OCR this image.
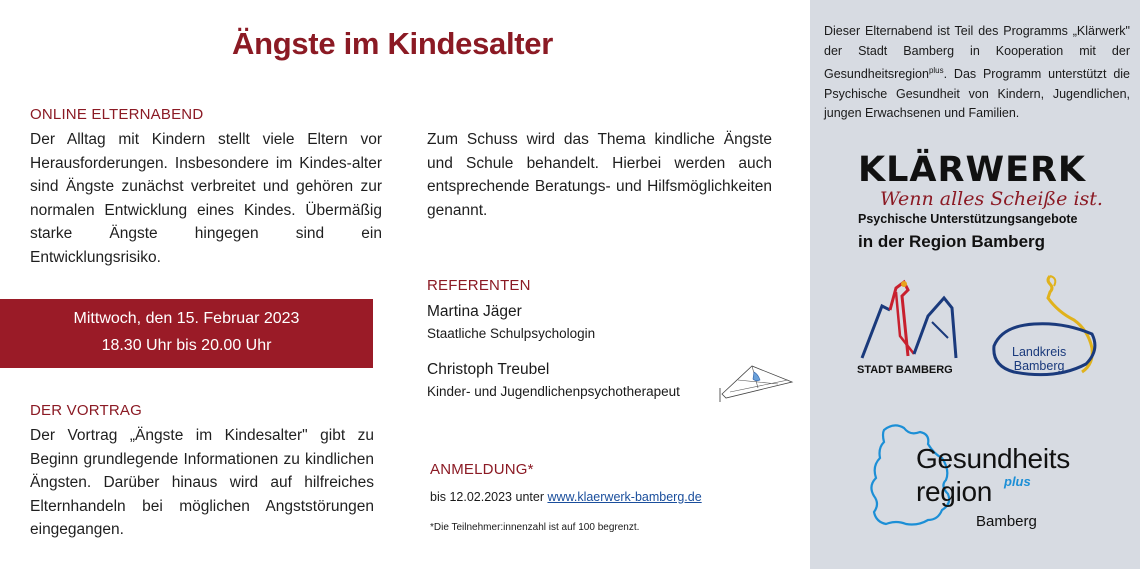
Ängste im Kindesalter
ONLINE ELTERNABEND
Der Alltag mit Kindern stellt viele Eltern vor Herausforderungen. Insbesondere im Kindes-alter sind Ängste zunächst verbreitet und gehören zur normalen Entwicklung eines Kindes. Übermäßig starke Ängste hingegen sind ein Entwicklungsrisiko.
Mittwoch, den 15. Februar 2023
18.30 Uhr bis 20.00 Uhr
DER VORTRAG
Der Vortrag „Ängste im Kindesalter" gibt zu Beginn grundlegende Informationen zu kindlichen Ängsten. Darüber hinaus wird auf hilfreiches Elternhandeln bei möglichen Angststörungen eingegangen.
Zum Schuss wird das Thema kindliche Ängste und Schule behandelt. Hierbei werden auch entsprechende Beratungs- und Hilfsmöglichkeiten genannt.
REFERENTEN
Martina Jäger
Staatliche Schulpsychologin
Christoph Treubel
Kinder- und Jugendlichenpsychotherapeut
ANMELDUNG*
bis 12.02.2023 unter www.klaerwerk-bamberg.de
*Die Teilnehmer:innenzahl ist auf 100 begrenzt.
Dieser Elternabend ist Teil des Programms „Klärwerk" der Stadt Bamberg in Kooperation mit der Gesundheitsregion$^{plus}$. Das Programm unterstützt die Psychische Gesundheit von Kindern, Jugendlichen, jungen Erwachsenen und Familien.
KLÄRWERK
Wenn alles Scheiße ist.
Psychische Unterstützungsangebote
in der Region Bamberg
STADT BAMBERG
Landkreis
Bamberg
Gesundheits
region plus
Bamberg
